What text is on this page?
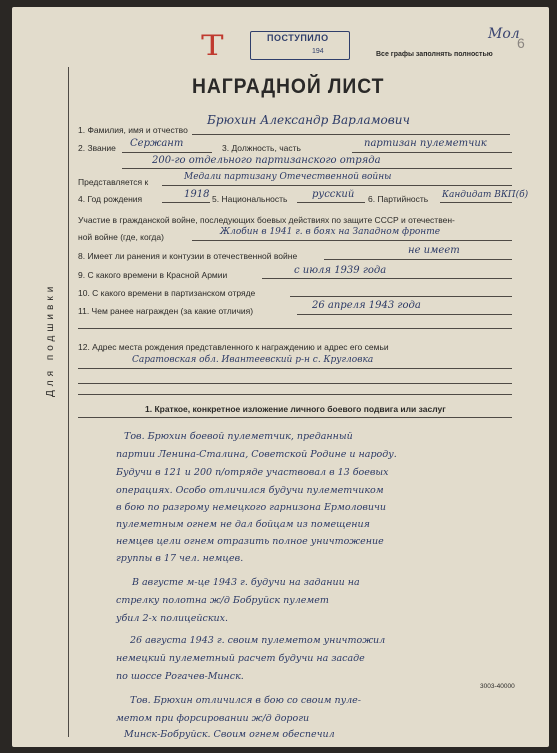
Т	ПОСТУПИЛО
194	Все графы заполнять полностью
Мол
6
НАГРАДНОЙ ЛИСТ
Для подшивки
1. Фамилия, имя и отчество
Брюхин Александр Варламович
2. Звание Сержант	3. Должность, часть	партизан пулеметчик
200-го отдельного партизанского отряда
Представляется к	Медали партизану Отечественной войны
4. Год рождения	1918 5. Национальность русский 6. Партийность Кандидат ВКП(б)
Участие в гражданской войне, последующих боевых действиях по защите СССР и отечествен-
ной войне (где, когда)	Жлобин в 1941 г. в боях на Западном фронте
8. Имеет ли ранения и контузии в отечественной войне	не имеет
9. С какого времени в Красной Армии	с июля 1939 года
10. С какого времени в партизанском отряде
11. Чем ранее награжден (за какие отличия)	26 апреля 1943 года
12. Адрес места рождения представленного к награждению и адрес его семьи
Саратовская обл. Ивантеевский р-н с. Кругловка
1. Краткое, конкретное изложение личного боевого подвига или заслуг
Тов. Брюхин боевой пулеметчик, преданный
партии Ленина-Сталина, Советской Родине и народу.
Будучи в 121 и 200 п/отряде участвовал в 13 боевых
операциях. Особо отличился будучи пулеметчиком
в бою по разгрому немецкого гарнизона Ермоловичи
пулеметным огнем не дал бойцам из помещения
немцев цели огнем отразить полное уничтожение
группы в 17 чел. немцев.
В августе м-це 1943 г. будучи на задании на
стрелку полотна ж/д Бобруйск пулемет
убил 2-х полицейских.
26 августа 1943 г. своим пулеметом уничтожил
немецкий пулеметный расчет будучи на засаде
по шоссе Рогачев-Минск.
Тов. Брюхин отличился в бою со своим пуле-
метом при форсировании ж/д дороги
Минск-Бобруйск. Своим огнем обеспечил
3003-40000
